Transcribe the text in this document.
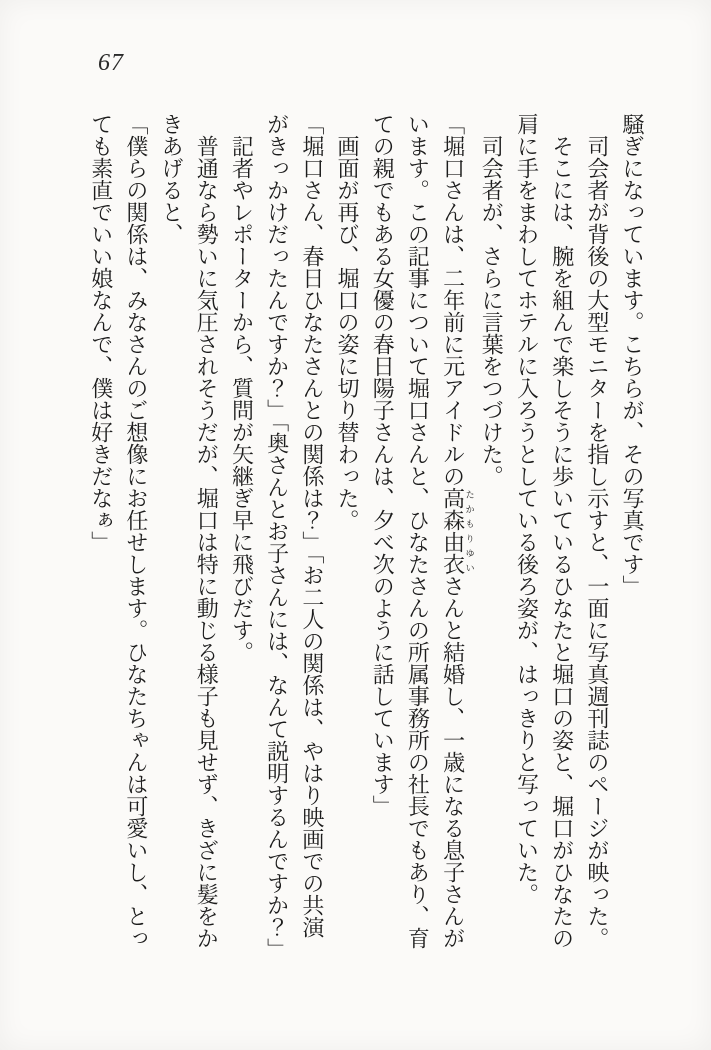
67

騒ぎになっています。こちらが、その写真です」

司会者が背後の大型モニターを指し示すと、一面に写真週刊誌のページが映った。

そこには、腕を組んで楽しそうに歩いているひなたと堀口の姿と、堀口がひなたの
肩に手をまわしてホテルに入ろうとしている後ろ姿が、はっきりと写っていた。

司会者が、さらに言葉をつづけた。

「堀口さんは、二年前に元アイドルの高森由衣たかもりゆいさんと結婚し、一歳になる息子さんが
います。この記事について堀口さんと、ひなたさんの所属事務所の社長でもあり、育
ての親でもある女優の春日陽子さんは、夕べ次のように話しています」

画面が再び、堀口の姿に切り替わった。

「堀口さん、春日ひなたさんとの関係は？」「お二人の関係は、やはり映画での共演
がきっかけだったんですか？」「奥さんとお子さんには、なんて説明するんですか？」

記者やレポーターから、質問が矢継ぎ早に飛びだす。

普通なら勢いに気圧されそうだが、堀口は特に動じる様子も見せず、きざに髪をか
きあげると、

「僕らの関係は、みなさんのご想像にお任せします。ひなたちゃんは可愛いし、とっ
ても素直でいい娘なんで、僕は好きだなぁ」
